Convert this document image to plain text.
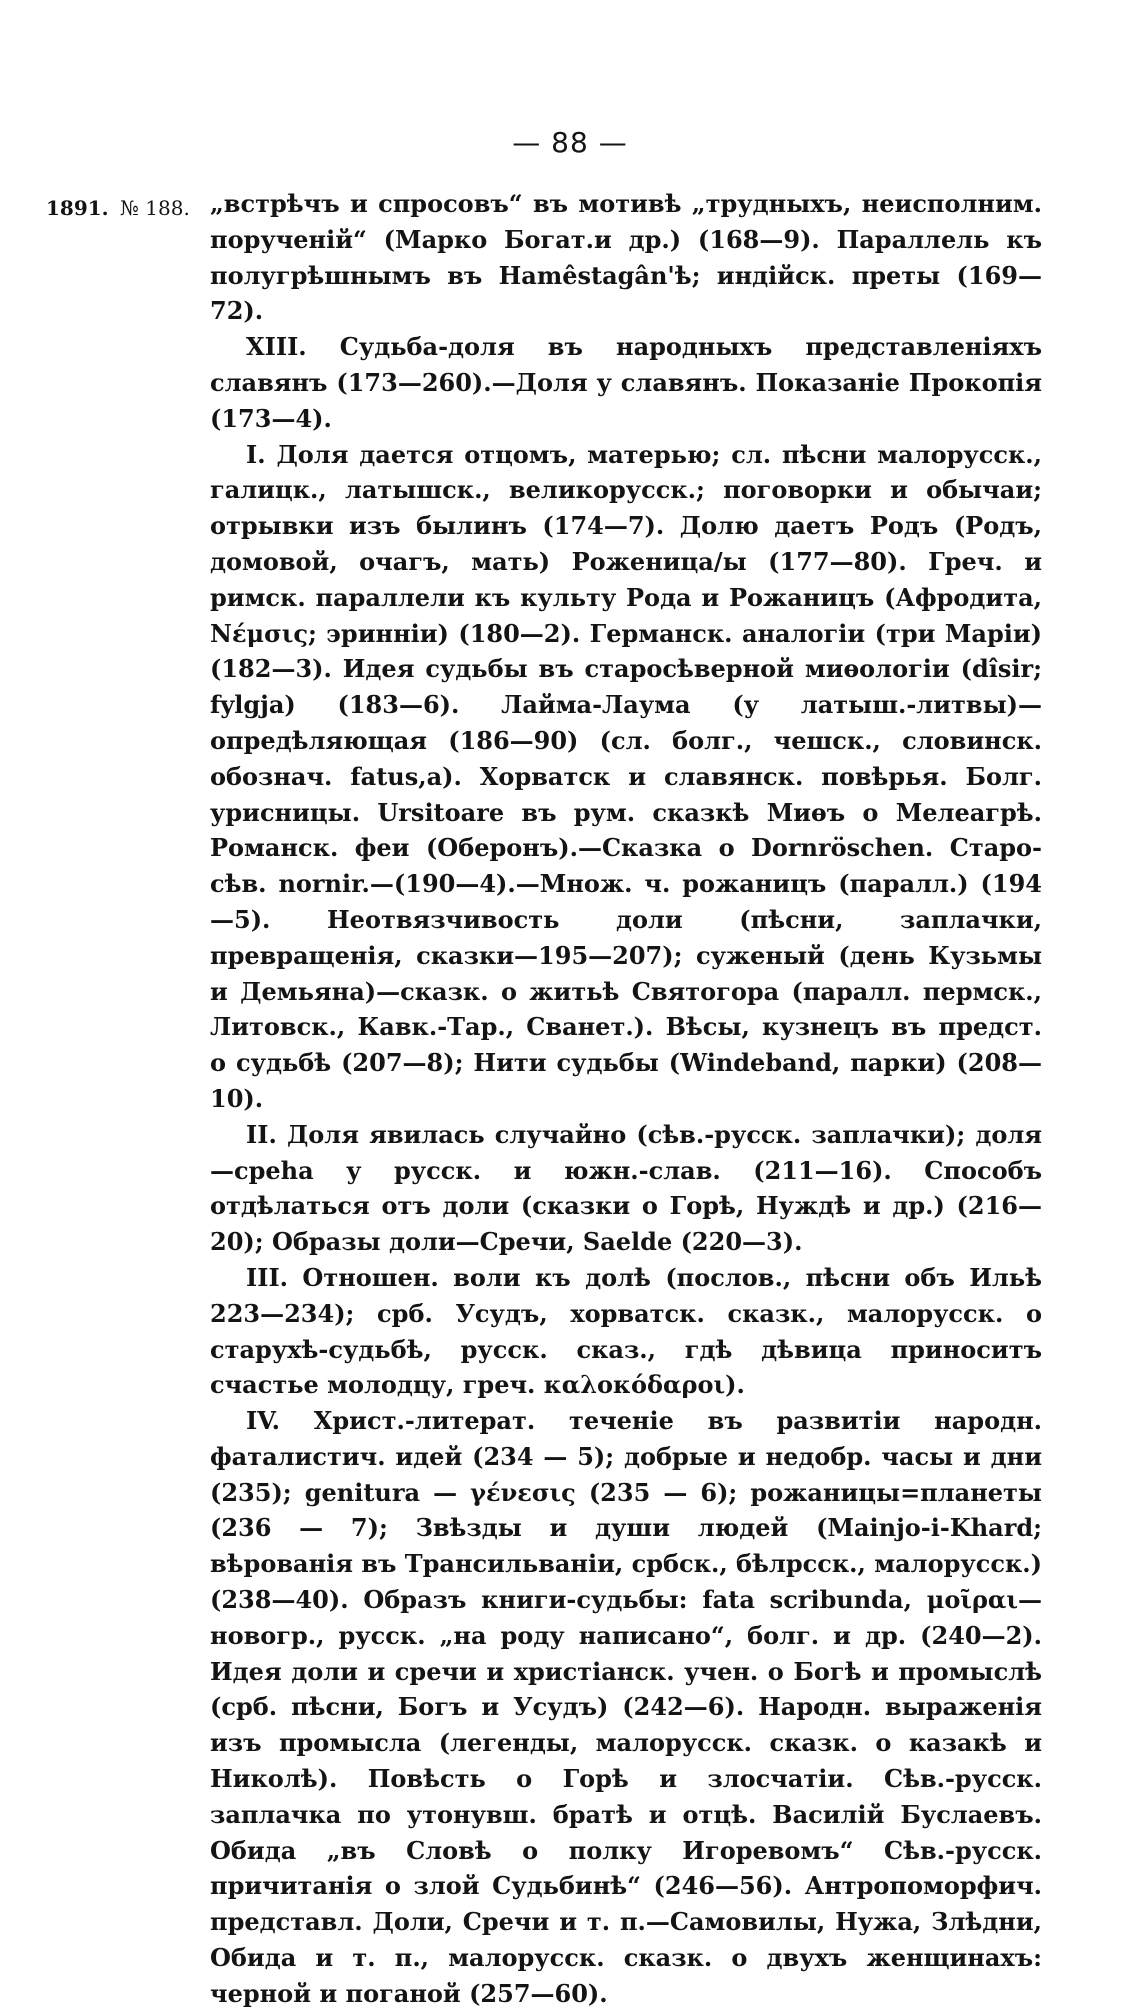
— 88 —
1891. № 188. „встрѣчъ и спросовъ“ въ мотивѣ „трудныхъ, неисполним. порученій“ (Марко Богат.и др.) (168—9). Параллель къ полугрѣшнымъ въ Hamêstagân'ѣ; индійск. преты (169—72).

XIII. Судьба-доля въ народныхъ представленіяхъ славянъ (173—260).—Доля у славянъ. Показаніе Прокопія (173—4).

I. Доля дается отцомъ, матерью; сл. пѣсни малорусск., галицк., латышск., великорусск.; поговорки и обычаи; отрывки изъ былинъ (174—7). Долю даетъ Родъ (Родъ, домовой, очагъ, мать) Роженица/ы (177—80). Греч. и римск. параллели къ культу Рода и Рожаницъ (Афродита, Νέμσις; эринніи) (180—2). Германск. аналогіи (три Маріи) (182—3). Идея судьбы въ старосѣверной миѳологіи (dîsir; fylgja) (183—6). Лайма-Лаума (у латыш.-литвы)—опредѣляющая (186—90) (сл. болг., чешск., словинск. обознач. fatus,a). Хорватск и славянск. повѣрья. Болг. урисницы. Ursitoare въ рум. сказкѣ Миѳъ о Мелеагрѣ. Романск. феи (Оберонъ).—Сказка о Dornröschen. Старо-сѣв. nornir.—(190—4).—Множ. ч. рожаницъ (паралл.) (194—5). Неотвязчивость доли (пѣсни, заплачки, превращенія, сказки—195—207); суженый (день Кузьмы и Демьяна)—сказк. о житьѣ Святогора (паралл. пермск., Литовск., Кавк.-Тар., Сванет.). Вѣсы, кузнецъ въ предст. о судьбѣ (207—8); Нити судьбы (Windeband, парки) (208—10).

II. Доля явилась случайно (сѣв.-русск. заплачки); доля—среhа у русск. и южн.-слав. (211—16). Способъ отдѣлаться отъ доли (сказки о Горѣ, Нуждѣ и др.) (216—20); Образы доли—Сречи, Saelde (220—3).

III. Отношен. воли къ долѣ (послов., пѣсни объ Ильѣ 223—234); срб. Усудъ, хорватск. сказк., малорусск. о старухѣ-судьбѣ, русск. сказ., гдѣ дѣвица приноситъ счастье молодцу, греч. καλοκόδαροι).

IV. Христ.-литерат. теченіе въ развитіи народн. фаталистич. идей (234 — 5); добрые и недобр. часы и дни (235); genitura — γένεσις (235 — 6); рожаницы=планеты (236 — 7); Звѣзды и души людей (Mainjo-i-Khard; вѣрованія въ Трансильваніи, србск., бѣлрсск., малорусск.) (238—40). Образъ книги-судьбы: fata scribunda, μοῖραι—новогр., русск. „на роду написано“, болг. и др. (240—2). Идея доли и сречи и христіанск. учен. о Богѣ и промыслѣ (срб. пѣсни, Богъ и Усудъ) (242—6). Народн. выраженія изъ промысла (легенды, малорусск. сказк. о казакѣ и Николѣ). Повѣсть о Горѣ и злосчатіи. Сѣв.-русск. заплачка по утонувш. братѣ и отцѣ. Василій Буслаевъ. Обида „въ Словѣ о полку Игоревомъ“ Сѣв.-русск. причитанія о злой Судьбинѣ“ (246—56). Антропоморфич. представл. Доли, Сречи и т. п.—Самовилы, Нужа, Злѣдни, Обида и т. п., малорусск. сказк. о двухъ женщинахъ: черной и поганой (257—60).
